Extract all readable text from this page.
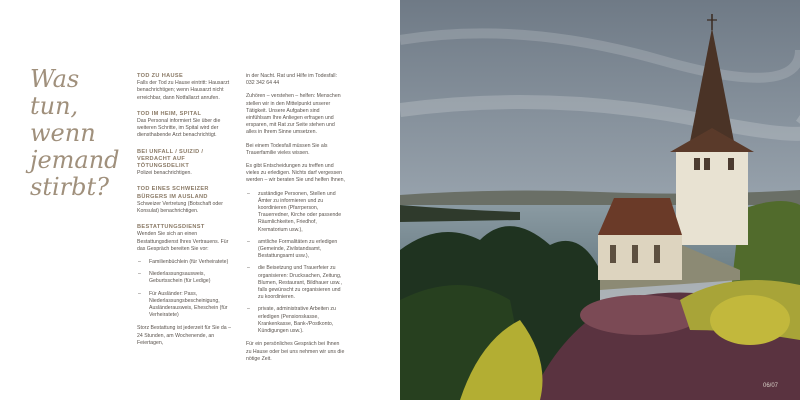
Was tun,
wenn
jemand
stirbt?
TOD ZU HAUSE

Falls der Tod zu Hause eintritt: Hausarzt benachrichtigen; wenn Hausarzt nicht erreichbar, dann Notfallarzt anrufen.

TOD IM HEIM, SPITAL

Das Personal informiert Sie über die weiteren Schritte, im Spital wird der diensthabende Arzt benachrichtigt.

BEI UNFALL / SUIZID / VERDACHT AUF TÖTUNGSDELIKT

Polizei benachrichtigen.

TOD EINES SCHWEIZER BÜRGERS IM AUSLAND

Schweizer Vertretung (Botschaft oder Konsulat) benachrichtigen.

BESTATTUNGSDIENST

Wenden Sie sich an einen Bestattungsdienst Ihres Vertrauens. Für das Gespräch bereiten Sie vor:

– Familienbüchlein (für Verheiratete)
– Niederlassungsausweis, Geburtsschein (für Ledige)
– Für Ausländer: Pass, Niederlassungsbescheinigung, Ausländerausweis, Eheschein (für Verheiratete)

Storz Bestattung ist jederzeit für Sie da – 24 Stunden, am Wochenende, an Feiertagen,

in der Nacht. Rat und Hilfe im Todesfall: 032 342 64 44

Zuhören – verstehen – helfen: Menschen stellen wir in den Mittelpunkt unserer Tätigkeit. Unsere Aufgaben sind einfühlsam Ihre Anliegen erfragen und ersparen, mit Rat zur Seite stehen und alles in Ihrem Sinne umsetzen.

Bei einem Todesfall müssen Sie als Trauerfamilie vieles wissen.

Es gibt Entscheidungen zu treffen und vieles zu erledigen. Nichts darf vergessen werden – wir beraten Sie und helfen Ihnen,

– zuständige Personen, Stellen und Ämter zu informieren und zu koordinieren (Pfarrperson, Trauerredner, Kirche oder passende Räumlichkeiten, Friedhof, Krematorium usw.),
– amtliche Formalitäten zu erledigen (Gemeinde, Zivilstandsamt, Bestattungsamt usw.),
– die Beisetzung und Trauerfeier zu organisieren: Drucksachen, Zeitung, Blumen, Restaurant, Bildhauer usw., falls gewünscht zu organisieren und zu koordinieren.
– private, administrative Arbeiten zu erledigen (Pensionskasse, Krankenkasse, Bank-/Postkonto, Kündigungen usw.).

Für ein persönliches Gespräch bei Ihnen zu Hause oder bei uns nehmen wir uns die nötige Zeit.

06/07
